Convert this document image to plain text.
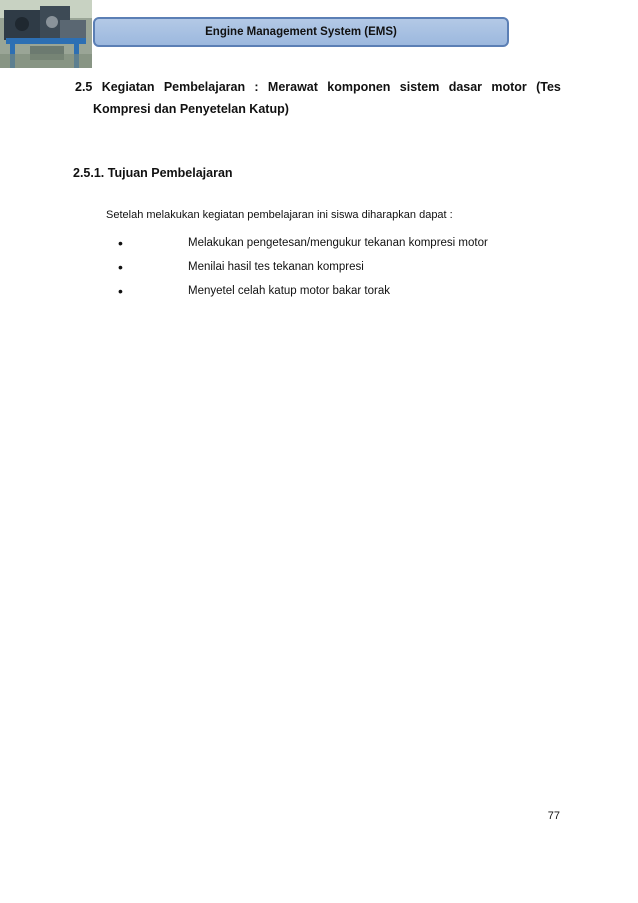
Engine Management System (EMS)
2.5 Kegiatan Pembelajaran : Merawat komponen sistem dasar motor (Tes
Kompresi dan Penyetelan Katup)
2.5.1. Tujuan Pembelajaran
Setelah melakukan kegiatan pembelajaran ini siswa diharapkan dapat :
•	Melakukan pengetesan/mengukur tekanan kompresi motor
•	Menilai hasil tes tekanan kompresi
•	Menyetel celah katup motor bakar torak
77
